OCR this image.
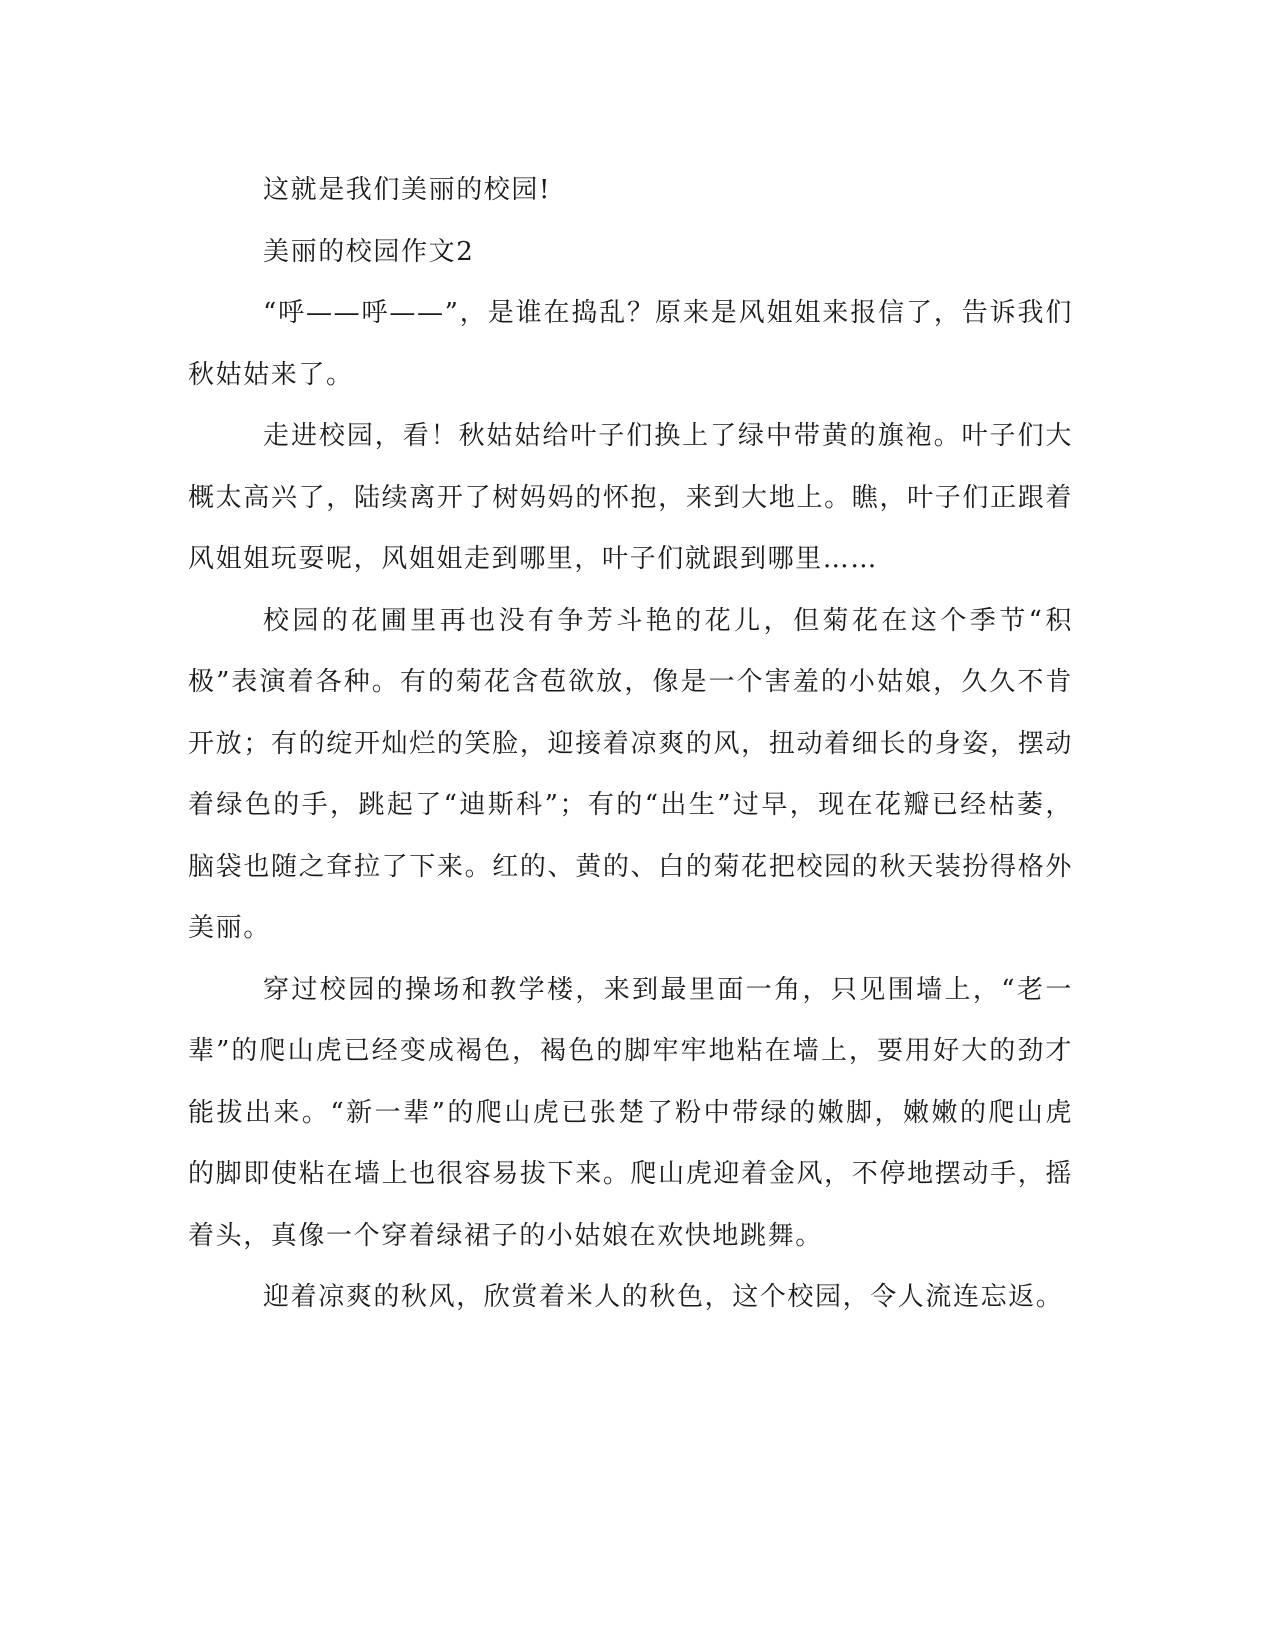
这就是我们美丽的校园!

美丽的校园作文2

“呼——呼——”，是谁在捣乱？原来是风姐姐来报信了，告诉我们秋姑姑来了。

走进校园，看！秋姑姑给叶子们换上了绿中带黄的旗袍。叶子们大概太高兴了，陆续离开了树妈妈的怀抱，来到大地上。瞧，叶子们正跟着风姐姐玩耍呢，风姐姐走到哪里，叶子们就跟到哪里……

校园的花圃里再也没有争芳斗艳的花儿，但菊花在这个季节“积极”表演着各种。有的菊花含苞欲放，像是一个害羞的小姑娘，久久不肯开放；有的绽开灿烂的笑脸，迎接着凉爽的风，扭动着细长的身姿，摆动着绿色的手，跳起了“迪斯科”；有的“出生”过早，现在花瓣已经枯萎，脑袋也随之耷拉了下来。红的、黄的、白的菊花把校园的秋天装扮得格外美丽。

穿过校园的操场和教学楼，来到最里面一角，只见围墙上，“老一辈”的爬山虎已经变成褐色，褐色的脚牢牢地粘在墙上，要用好大的劲才能拔出来。“新一辈”的爬山虎已张楚了粉中带绿的嫩脚，嫩嫩的爬山虎的脚即使粘在墙上也很容易拔下来。爬山虎迎着金风，不停地摆动手，摇着头，真像一个穿着绿裙子的小姑娘在欢快地跳舞。

迎着凉爽的秋风，欣赏着米人的秋色，这个校园，令人流连忘返。
